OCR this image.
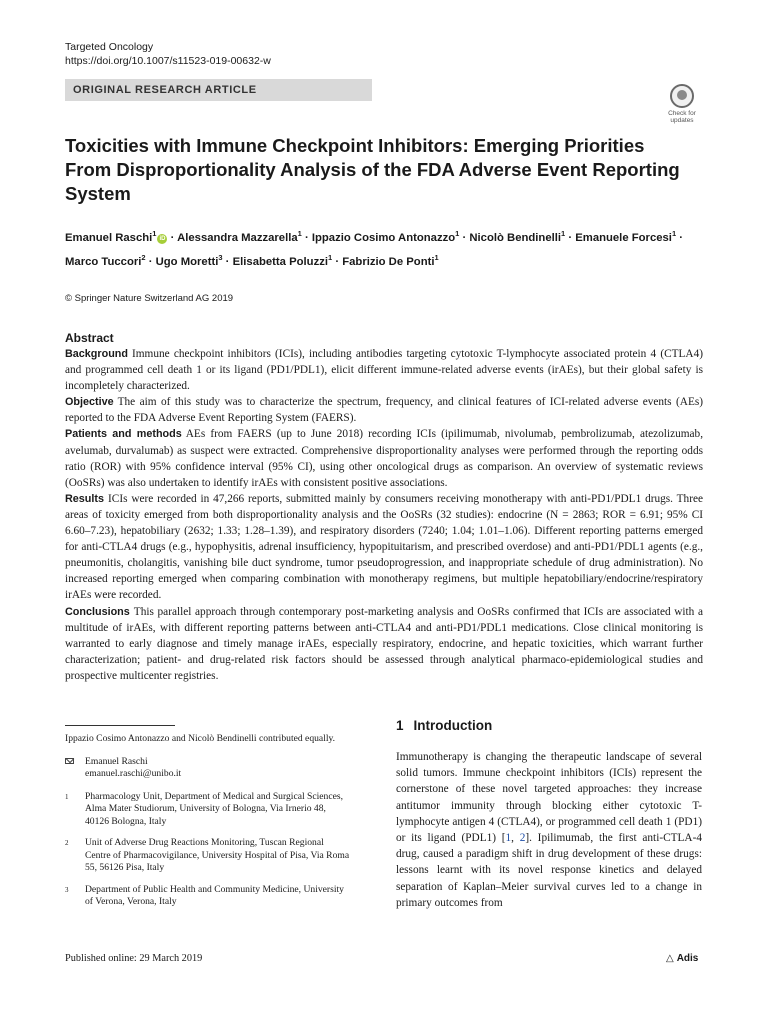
Targeted Oncology
https://doi.org/10.1007/s11523-019-00632-w
ORIGINAL RESEARCH ARTICLE
Check for updates
Toxicities with Immune Checkpoint Inhibitors: Emerging Priorities From Disproportionality Analysis of the FDA Adverse Event Reporting System
Emanuel Raschi$^1$iD · Alessandra Mazzarella$^1$ · Ippazio Cosimo Antonazzo$^1$ · Nicolò Bendinelli$^1$ · Emanuele Forcesi$^1$ · Marco Tuccori$^2$ · Ugo Moretti$^3$ · Elisabetta Poluzzi$^1$ · Fabrizio De Ponti$^1$
© Springer Nature Switzerland AG 2019
Abstract

Background Immune checkpoint inhibitors (ICIs), including antibodies targeting cytotoxic T-lymphocyte associated protein 4 (CTLA4) and programmed cell death 1 or its ligand (PD1/PDL1), elicit different immune-related adverse events (irAEs), but their global safety is incompletely characterized.

Objective The aim of this study was to characterize the spectrum, frequency, and clinical features of ICI-related adverse events (AEs) reported to the FDA Adverse Event Reporting System (FAERS).

Patients and methods AEs from FAERS (up to June 2018) recording ICIs (ipilimumab, nivolumab, pembrolizumab, atezolizumab, avelumab, durvalumab) as suspect were extracted. Comprehensive disproportionality analyses were performed through the reporting odds ratio (ROR) with 95% confidence interval (95% CI), using other oncological drugs as comparison. An overview of systematic reviews (OoSRs) was also undertaken to identify irAEs with consistent positive associations.

Results ICIs were recorded in 47,266 reports, submitted mainly by consumers receiving monotherapy with anti-PD1/PDL1 drugs. Three areas of toxicity emerged from both disproportionality analysis and the OoSRs (32 studies): endocrine (N = 2863; ROR = 6.91; 95% CI 6.60–7.23), hepatobiliary (2632; 1.33; 1.28–1.39), and respiratory disorders (7240; 1.04; 1.01–1.06). Different reporting patterns emerged for anti-CTLA4 drugs (e.g., hypophysitis, adrenal insufficiency, hypopituitarism, and prescribed overdose) and anti-PD1/PDL1 agents (e.g., pneumonitis, cholangitis, vanishing bile duct syndrome, tumor pseudoprogression, and inappropriate schedule of drug administration). No increased reporting emerged when comparing combination with monotherapy regimens, but multiple hepatobiliary/endocrine/respiratory irAEs were recorded.

Conclusions This parallel approach through contemporary post-marketing analysis and OoSRs confirmed that ICIs are associated with a multitude of irAEs, with different reporting patterns between anti-CTLA4 and anti-PD1/PDL1 medications. Close clinical monitoring is warranted to early diagnose and timely manage irAEs, especially respiratory, endocrine, and hepatic toxicities, which warrant further characterization; patient- and drug-related risk factors should be assessed through analytical pharmaco-epidemiological studies and prospective multicenter registries.

Ippazio Cosimo Antonazzo and Nicolò Bendinelli contributed equally.
Emanuel Raschi
emanuel.raschi@unibo.it
1 Pharmacology Unit, Department of Medical and Surgical Sciences, Alma Mater Studiorum, University of Bologna, Via Irnerio 48, 40126 Bologna, Italy
2 Unit of Adverse Drug Reactions Monitoring, Tuscan Regional Centre of Pharmacovigilance, University Hospital of Pisa, Via Roma 55, 56126 Pisa, Italy
3 Department of Public Health and Community Medicine, University of Verona, Verona, Italy
1 Introduction

Immunotherapy is changing the therapeutic landscape of several solid tumors. Immune checkpoint inhibitors (ICIs) represent the cornerstone of these novel targeted approaches: they increase antitumor immunity through blocking either cytotoxic T-lymphocyte antigen 4 (CTLA4), or programmed cell death 1 (PD1) or its ligand (PDL1) [1, 2]. Ipilimumab, the first anti-CTLA-4 drug, caused a paradigm shift in drug development of these drugs: lessons learnt with its novel response kinetics and delayed separation of Kaplan–Meier survival curves led to a change in primary outcomes from

Published online: 29 March 2019	△ Adis
